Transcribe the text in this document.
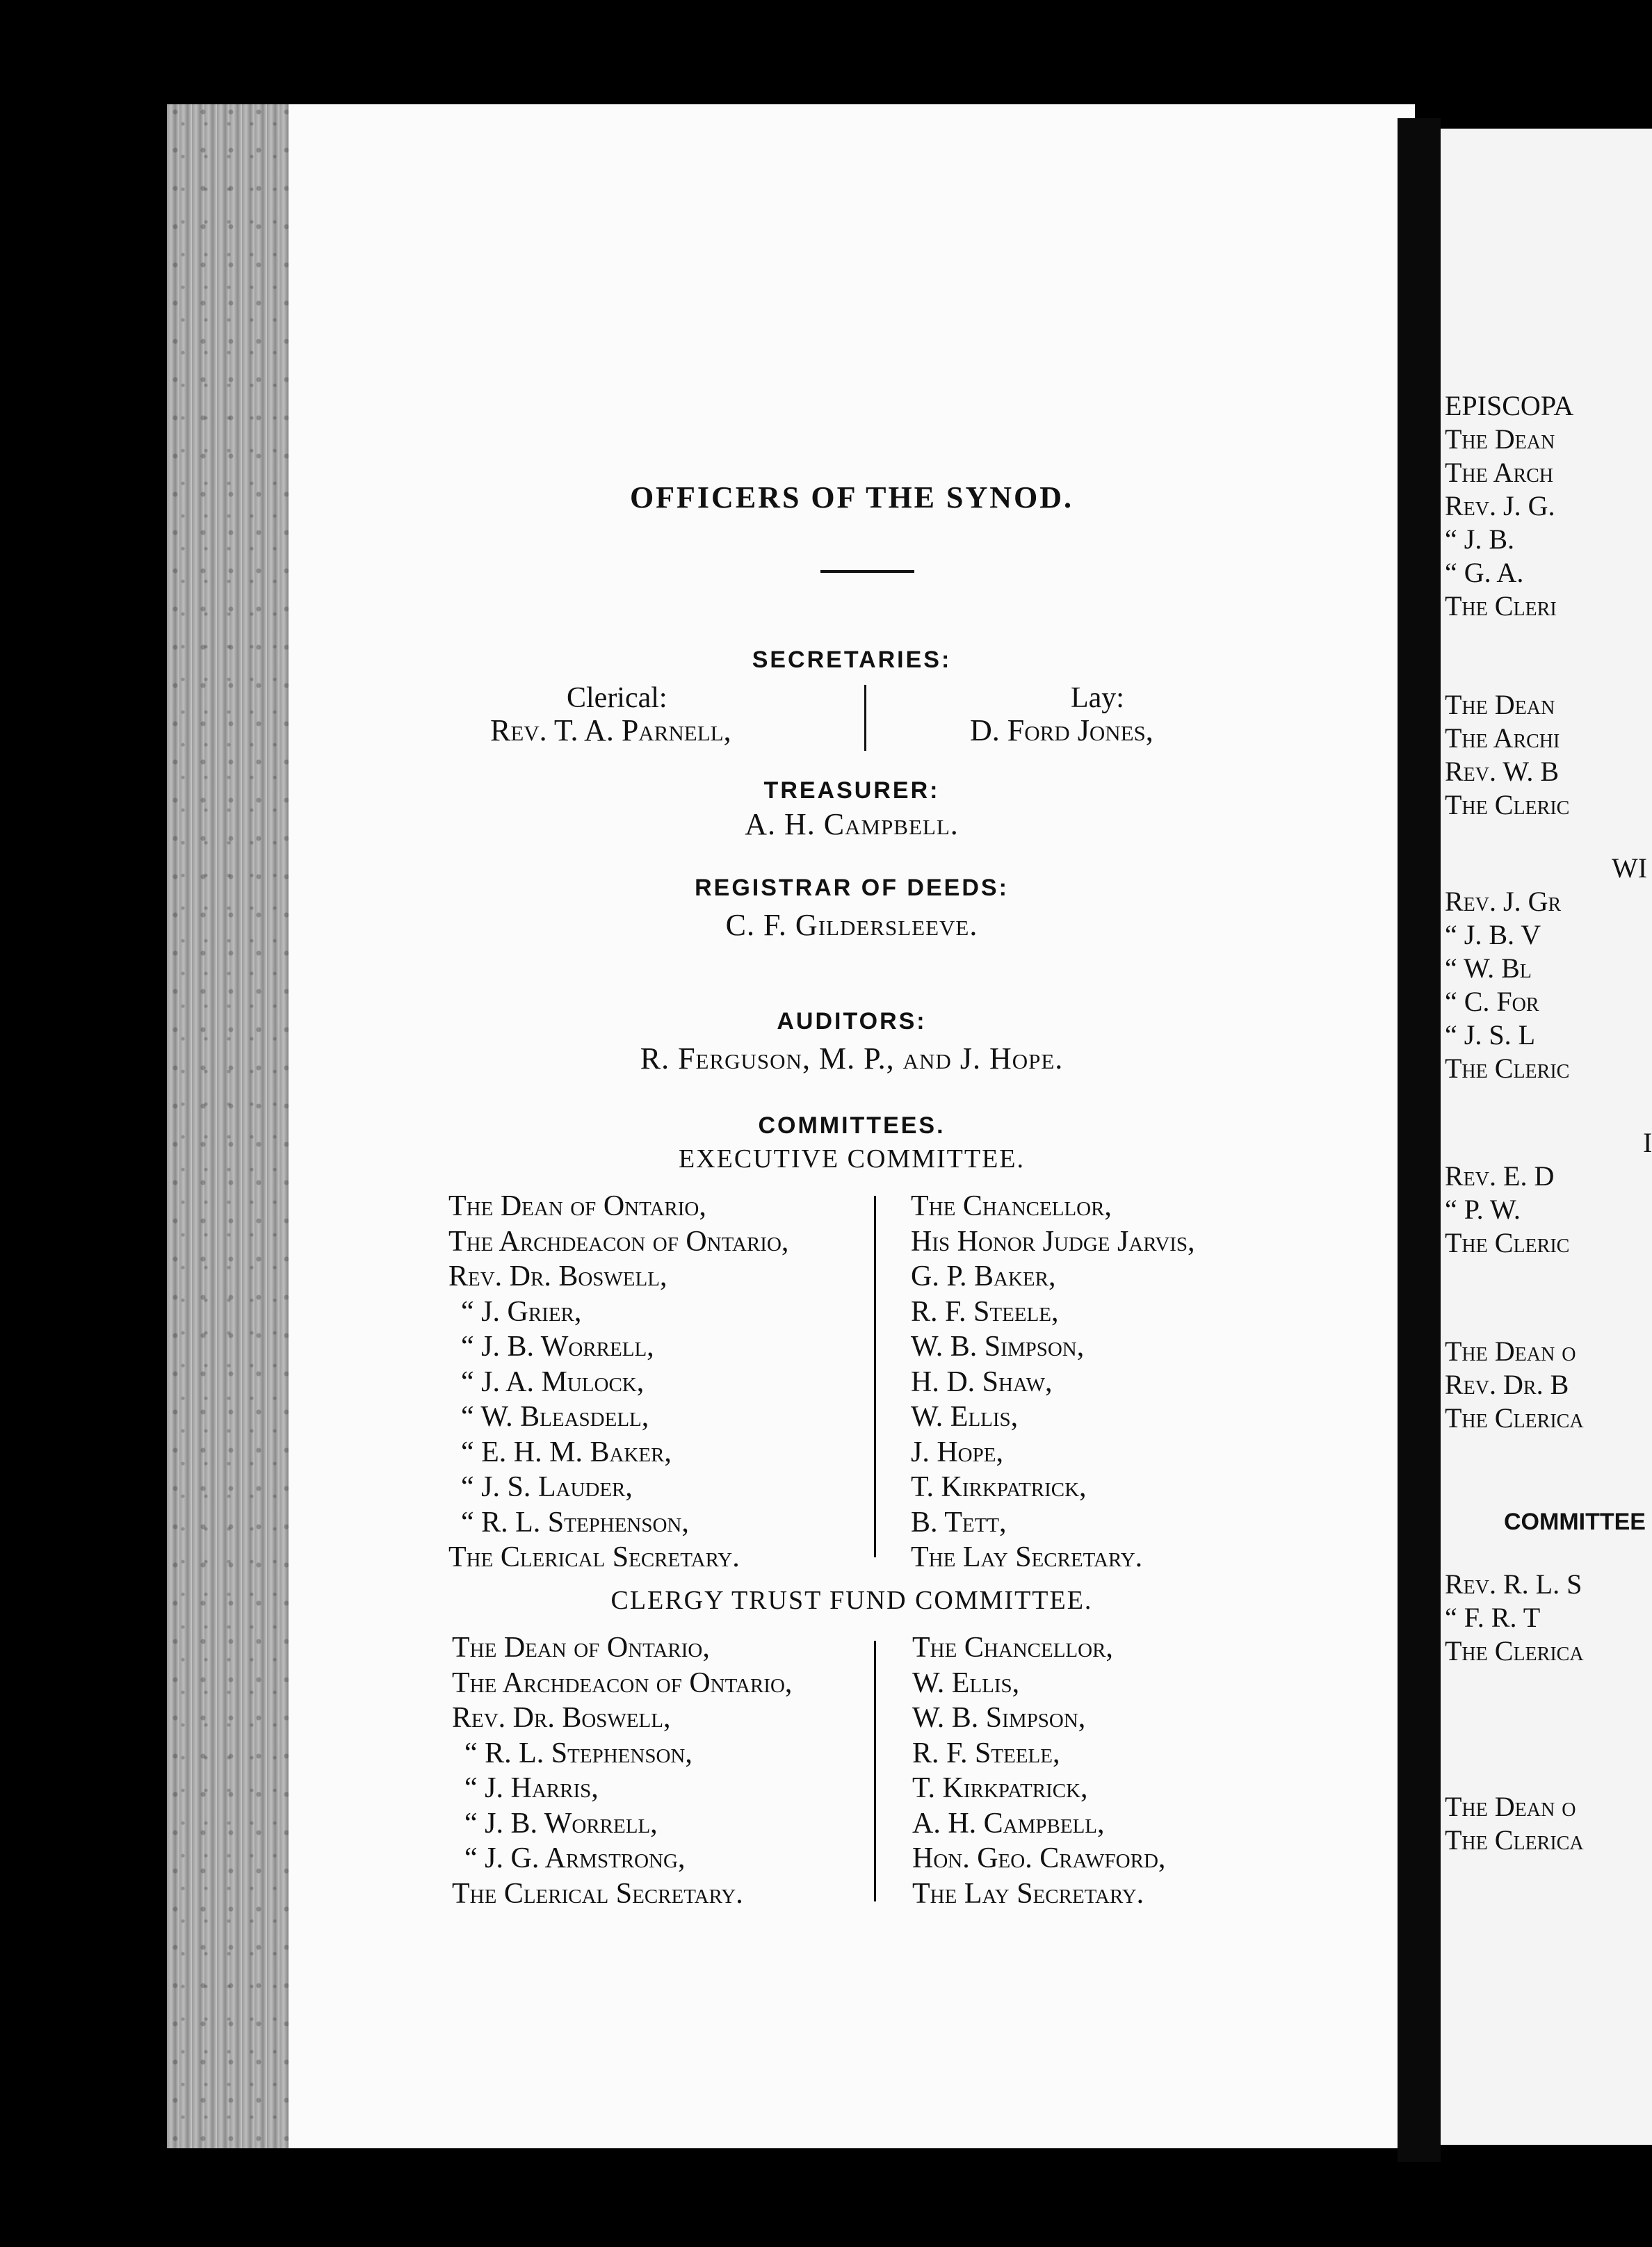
OFFICERS OF THE SYNOD.
SECRETARIES:
Clerical:
Rev. T. A. Parnell,
Lay:
D. Ford Jones,
TREASURER:
A. H. Campbell.
REGISTRAR OF DEEDS:
C. F. Gildersleeve.
AUDITORS:
R. Ferguson, M. P., and J. Hope.
COMMITTEES.
EXECUTIVE COMMITTEE.
The Dean of Ontario,
The Archdeacon of Ontario,
Rev. Dr. Boswell,
“ J. Grier,
“ J. B. Worrell,
“ J. A. Mulock,
“ W. Bleasdell,
“ E. H. M. Baker,
“ J. S. Lauder,
“ R. L. Stephenson,
The Clerical Secretary.
The Chancellor,
His Honor Judge Jarvis,
G. P. Baker,
R. F. Steele,
W. B. Simpson,
H. D. Shaw,
W. Ellis,
J. Hope,
T. Kirkpatrick,
B. Tett,
The Lay Secretary.
CLERGY TRUST FUND COMMITTEE.
The Dean of Ontario,
The Archdeacon of Ontario,
Rev. Dr. Boswell,
“ R. L. Stephenson,
“ J. Harris,
“ J. B. Worrell,
“ J. G. Armstrong,
The Clerical Secretary.
The Chancellor,
W. Ellis,
W. B. Simpson,
R. F. Steele,
T. Kirkpatrick,
A. H. Campbell,
Hon. Geo. Crawford,
The Lay Secretary.
EPISCOPA
The Dean
The Arch
Rev. J. G.
“ J. B.
“ G. A.
The Cleri
The Dean
The Archi
Rev. W. B
The Cleric
WI
Rev. J. Gr
“ J. B. V
“ W. Bl
“ C. For
“ J. S. L
The Cleric
I
Rev. E. D
“ P. W.
The Cleric
The Dean o
Rev. Dr. B
The Clerica
COMMITTEE
Rev. R. L. S
“ F. R. T
The Clerica
The Dean o
The Clerica
